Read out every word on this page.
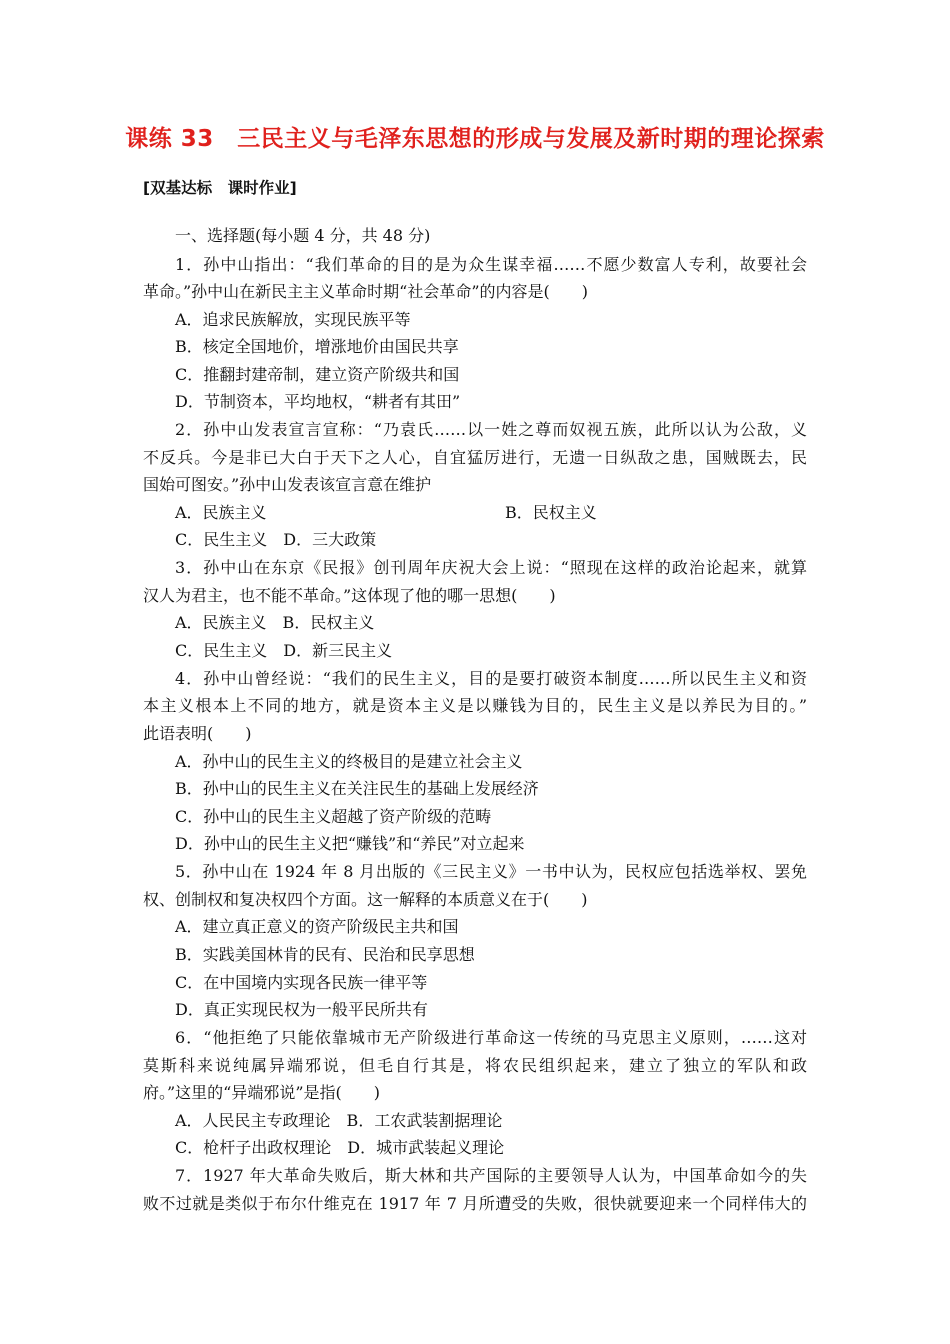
课练 33　三民主义与毛泽东思想的形成与发展及新时期的理论探索
[双基达标　课时作业]
一、选择题(每小题 4 分，共 48 分)
1．孙中山指出：“我们革命的目的是为众生谋幸福……不愿少数富人专利，故要社会
革命。”孙中山在新民主主义革命时期“社会革命”的内容是(　　)
A．追求民族解放，实现民族平等
B．核定全国地价，增涨地价由国民共享
C．推翻封建帝制，建立资产阶级共和国
D．节制资本，平均地权，“耕者有其田”
2．孙中山发表宣言宣称：“乃袁氏……以一姓之尊而奴视五族，此所以认为公敌，义
不反兵。今是非已大白于天下之人心，自宜猛厉进行，无遗一日纵敌之患，国贼既去，民
国始可图安。”孙中山发表该宣言意在维护
A．民族主义	B．民权主义
C．民生主义　D．三大政策
3．孙中山在东京《民报》创刊周年庆祝大会上说：“照现在这样的政治论起来，就算
汉人为君主，也不能不革命。”这体现了他的哪一思想(　　)
A．民族主义　B．民权主义
C．民生主义　D．新三民主义
4．孙中山曾经说：“我们的民生主义，目的是要打破资本制度……所以民生主义和资
本主义根本上不同的地方，就是资本主义是以赚钱为目的，民生主义是以养民为目的。”
此语表明(　　)
A．孙中山的民生主义的终极目的是建立社会主义
B．孙中山的民生主义在关注民生的基础上发展经济
C．孙中山的民生主义超越了资产阶级的范畴
D．孙中山的民生主义把“赚钱”和“养民”对立起来
5．孙中山在 1924 年 8 月出版的《三民主义》一书中认为，民权应包括选举权、罢免
权、创制权和复决权四个方面。这一解释的本质意义在于(　　)
A．建立真正意义的资产阶级民主共和国
B．实践美国林肯的民有、民治和民享思想
C．在中国境内实现各民族一律平等
D．真正实现民权为一般平民所共有
6．“他拒绝了只能依靠城市无产阶级进行革命这一传统的马克思主义原则，……这对
莫斯科来说纯属异端邪说，但毛自行其是，将农民组织起来，建立了独立的军队和政
府。”这里的“异端邪说”是指(　　)
A．人民民主专政理论　B．工农武装割据理论
C．枪杆子出政权理论　D．城市武装起义理论
7．1927 年大革命失败后，斯大林和共产国际的主要领导人认为，中国革命如今的失
败不过就是类似于布尔什维克在 1917 年 7 月所遭受的失败，很快就要迎来一个同样伟大的
